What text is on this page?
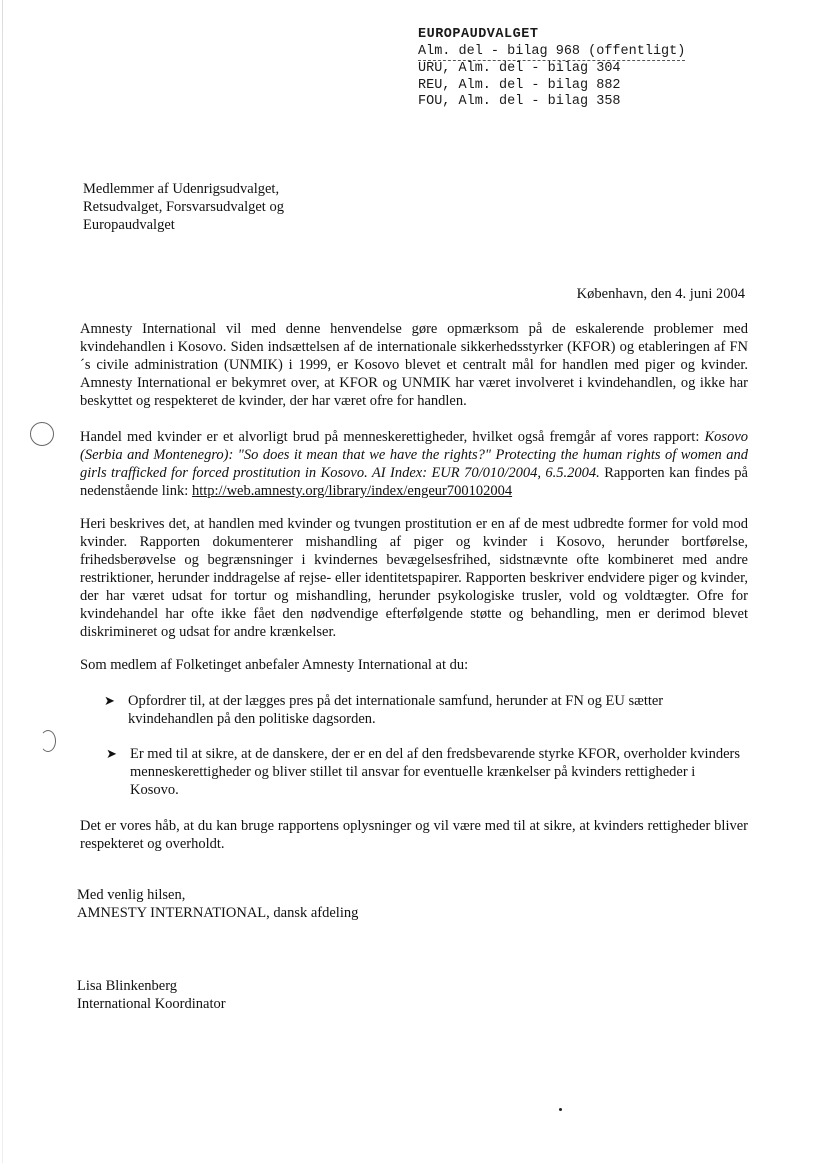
EUROPAUDVALGET
Alm. del - bilag 968 (offentligt)
URU, Alm. del - bilag 304
REU, Alm. del - bilag 882
FOU, Alm. del - bilag 358
Medlemmer af Udenrigsudvalget,
Retsudvalget, Forsvarsudvalget og
Europaudvalget
København, den 4. juni 2004
Amnesty International vil med denne henvendelse gøre opmærksom på de eskalerende problemer med kvindehandlen i Kosovo. Siden indsættelsen af de internationale sikkerhedsstyrker (KFOR) og etableringen af FN´s civile administration (UNMIK) i 1999, er Kosovo blevet et centralt mål for handlen med piger og kvinder. Amnesty International er bekymret over, at KFOR og UNMIK har været involveret i kvindehandlen, og ikke har beskyttet og respekteret de kvinder, der har været ofre for handlen.
Handel med kvinder er et alvorligt brud på menneskerettigheder, hvilket også fremgår af vores rapport: Kosovo (Serbia and Montenegro): "So does it mean that we have the rights?" Protecting the human rights of women and girls trafficked for forced prostitution in Kosovo. AI Index: EUR 70/010/2004, 6.5.2004. Rapporten kan findes på nedenstående link: http://web.amnesty.org/library/index/engeur700102004
Heri beskrives det, at handlen med kvinder og tvungen prostitution er en af de mest udbredte former for vold mod kvinder. Rapporten dokumenterer mishandling af piger og kvinder i Kosovo, herunder bortførelse, frihedsberøvelse og begrænsninger i kvindernes bevægelsesfrihed, sidstnævnte ofte kombineret med andre restriktioner, herunder inddragelse af rejse- eller identitetspapirer. Rapporten beskriver endvidere piger og kvinder, der har været udsat for tortur og mishandling, herunder psykologiske trusler, vold og voldtægter. Ofre for kvindehandel har ofte ikke fået den nødvendige efterfølgende støtte og behandling, men er derimod blevet diskrimineret og udsat for andre krænkelser.
Som medlem af Folketinget anbefaler Amnesty International at du:
➤ Opfordrer til, at der lægges pres på det internationale samfund, herunder at FN og EU sætter kvindehandlen på den politiske dagsorden.
➤ Er med til at sikre, at de danskere, der er en del af den fredsbevarende styrke KFOR, overholder kvinders menneskerettigheder og bliver stillet til ansvar for eventuelle krænkelser på kvinders rettigheder i Kosovo.
Det er vores håb, at du kan bruge rapportens oplysninger og vil være med til at sikre, at kvinders rettigheder bliver respekteret og overholdt.
Med venlig hilsen,
AMNESTY INTERNATIONAL, dansk afdeling
Lisa Blinkenberg
International Koordinator
